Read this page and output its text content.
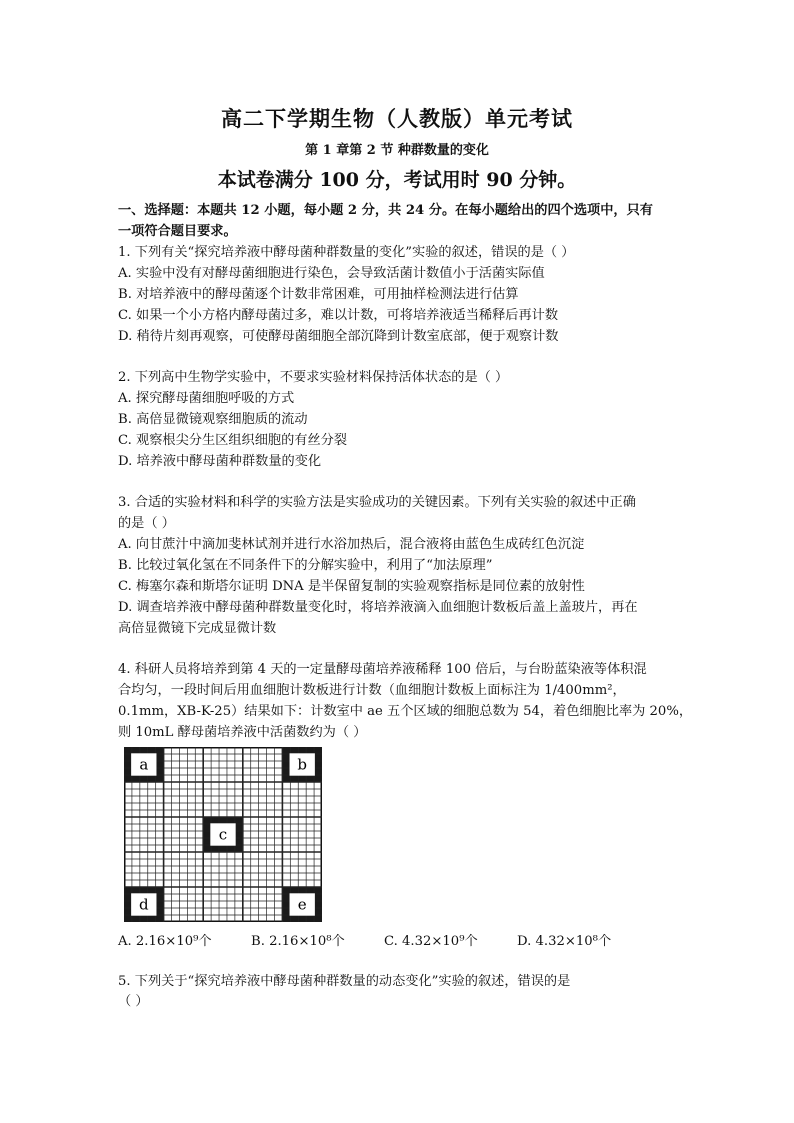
高二下学期生物（人教版）单元考试
第 1 章第 2 节 种群数量的变化
本试卷满分 100 分，考试用时 90 分钟。
一、选择题：本题共 12 小题，每小题 2 分，共 24 分。在每小题给出的四个选项中，只有
一项符合题目要求。
1. 下列有关“探究培养液中酵母菌种群数量的变化”实验的叙述，错误的是（ ）
A. 实验中没有对酵母菌细胞进行染色，会导致活菌计数值小于活菌实际值
B. 对培养液中的酵母菌逐个计数非常困难，可用抽样检测法进行估算
C. 如果一个小方格内酵母菌过多，难以计数，可将培养液适当稀释后再计数
D. 稍待片刻再观察，可使酵母菌细胞全部沉降到计数室底部，便于观察计数
2. 下列高中生物学实验中，不要求实验材料保持活体状态的是（ ）
A. 探究酵母菌细胞呼吸的方式
B. 高倍显微镜观察细胞质的流动
C. 观察根尖分生区组织细胞的有丝分裂
D. 培养液中酵母菌种群数量的变化
3. 合适的实验材料和科学的实验方法是实验成功的关键因素。下列有关实验的叙述中正确
的是（ ）
A. 向甘蔗汁中滴加斐林试剂并进行水浴加热后，混合液将由蓝色生成砖红色沉淀
B. 比较过氧化氢在不同条件下的分解实验中，利用了“加法原理”
C. 梅塞尔森和斯塔尔证明 DNA 是半保留复制的实验观察指标是同位素的放射性
D. 调查培养液中酵母菌种群数量变化时，将培养液滴入血细胞计数板后盖上盖玻片，再在
高倍显微镜下完成显微计数
4. 科研人员将培养到第 4 天的一定量酵母菌培养液稀释 100 倍后，与台盼蓝染液等体积混
合均匀，一段时间后用血细胞计数板进行计数（血细胞计数板上面标注为 1/400mm²，
0.1mm，XB-K-25）结果如下：计数室中 ae 五个区域的细胞总数为 54，着色细胞比率为 20%，
则 10mL 酵母菌培养液中活菌数约为（ ）
a	b
c
d	e
A. 2.16×10⁹个	B. 2.16×10⁸个	C. 4.32×10⁹个	D. 4.32×10⁸个
5. 下列关于“探究培养液中酵母菌种群数量的动态变化”实验的叙述，错误的是
（ ）
